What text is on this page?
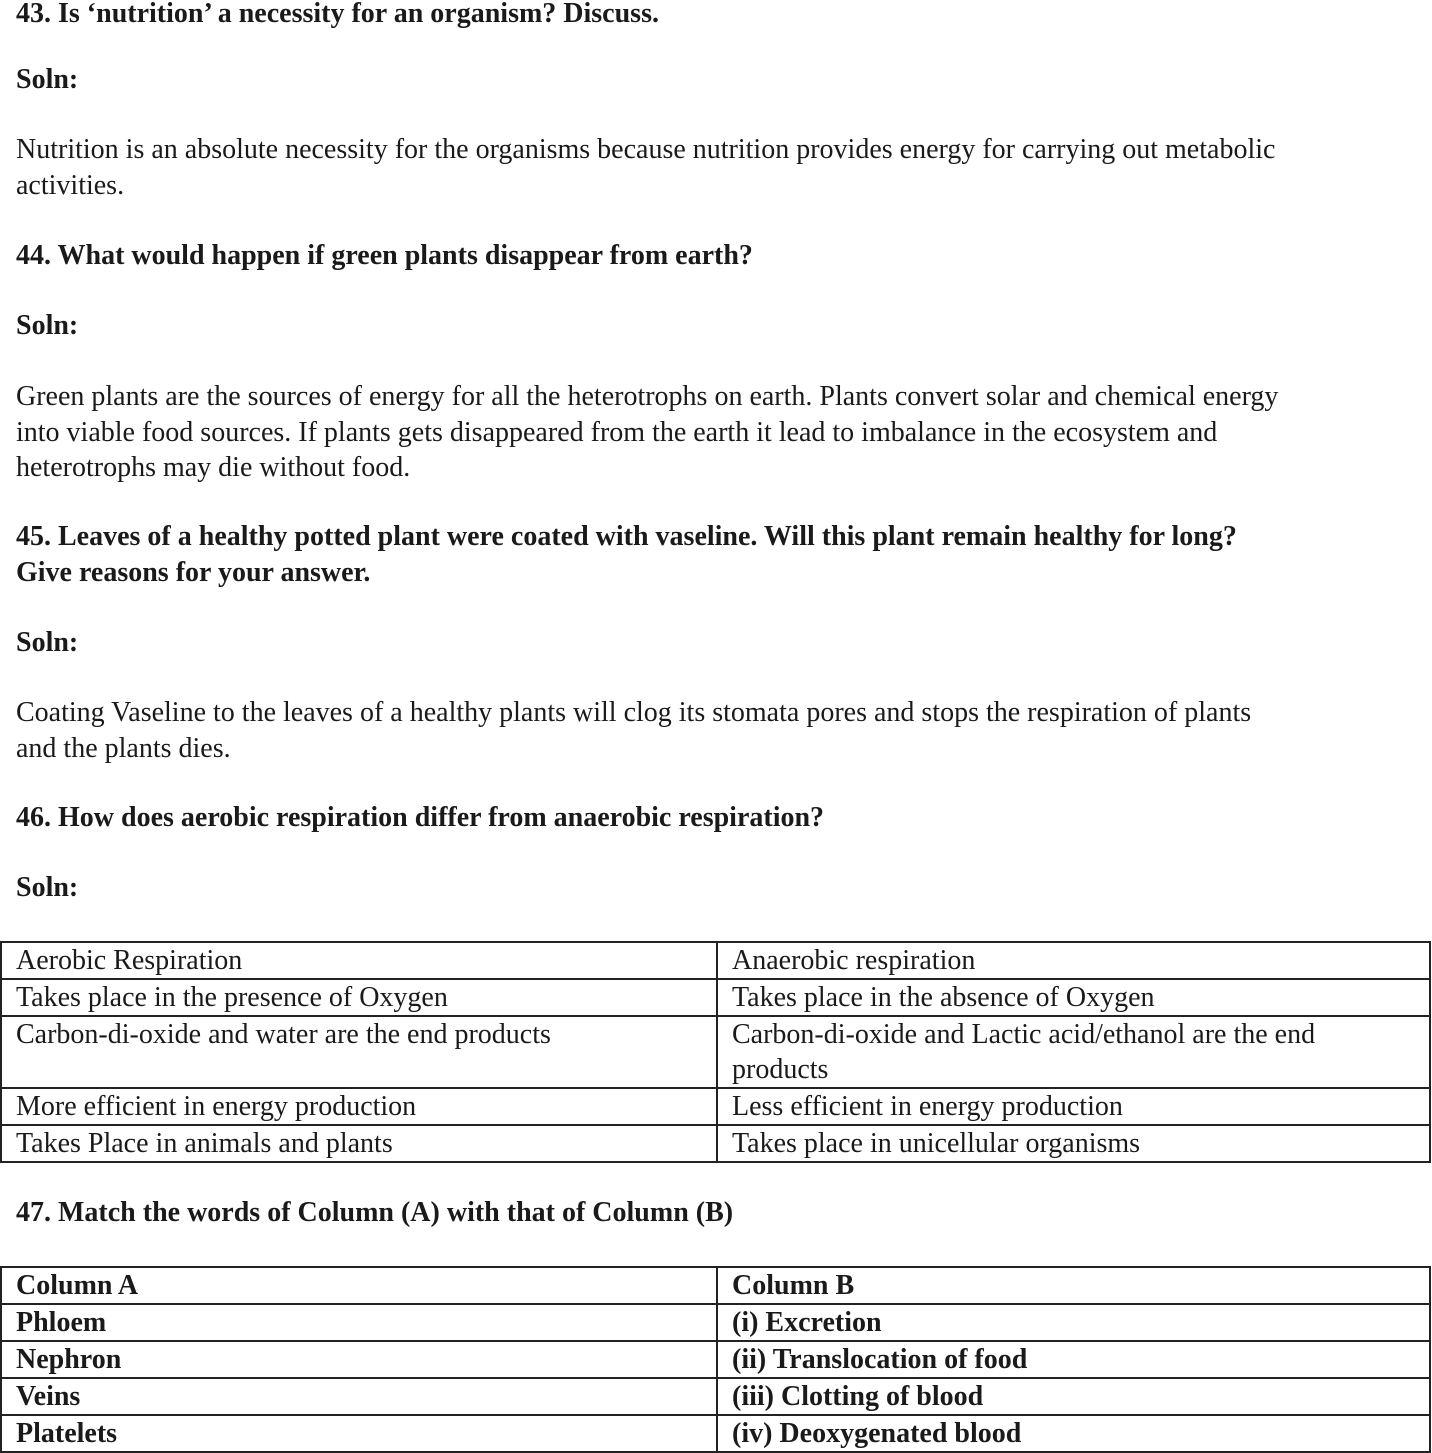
43. Is ‘nutrition’ a necessity for an organism? Discuss.
Soln:
Nutrition is an absolute necessity for the organisms because nutrition provides energy for carrying out metabolic
activities.
44. What would happen if green plants disappear from earth?
Soln:
Green plants are the sources of energy for all the heterotrophs on earth. Plants convert solar and chemical energy
into viable food sources. If plants gets disappeared from the earth it lead to imbalance in the ecosystem and
heterotrophs may die without food.
45. Leaves of a healthy potted plant were coated with vaseline. Will this plant remain healthy for long?
Give reasons for your answer.
Soln:
Coating Vaseline to the leaves of a healthy plants will clog its stomata pores and stops the respiration of plants
and the plants dies.
46. How does aerobic respiration differ from anaerobic respiration?
Soln:
Aerobic Respiration	Anaerobic respiration
Takes place in the presence of Oxygen	Takes place in the absence of Oxygen
Carbon-di-oxide and water are the end products	Carbon-di-oxide and Lactic acid/ethanol are the end products
More efficient in energy production	Less efficient in energy production
Takes Place in animals and plants	Takes place in unicellular organisms
47. Match the words of Column (A) with that of Column (B)
Column A	Column B
Phloem	(i) Excretion
Nephron	(ii) Translocation of food
Veins	(iii) Clotting of blood
Platelets	(iv) Deoxygenated blood
